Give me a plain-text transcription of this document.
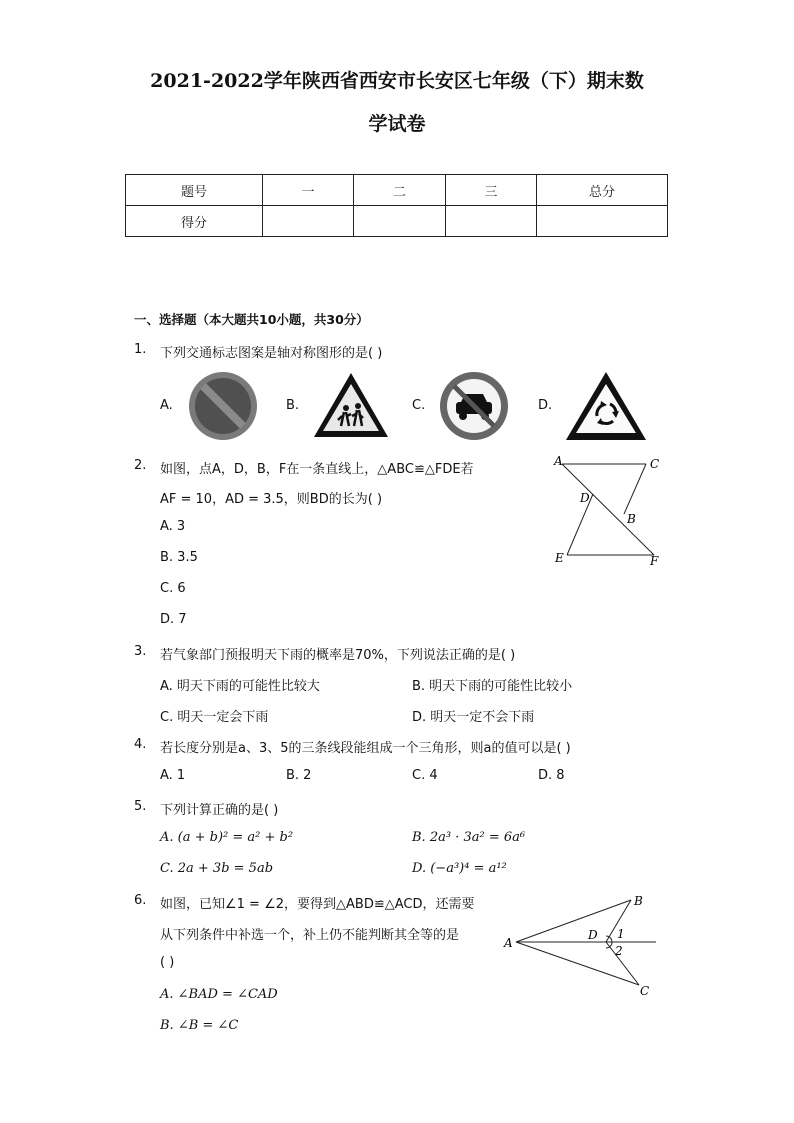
2021-2022学年陕西省西安市长安区七年级（下）期末数
学试卷
题号	一	二	三	总分
得分				
一、选择题（本大题共10小题，共30分）
1. 下列交通标志图案是轴对称图形的是( )
A.	B.	C.	D.
2. 如图，点A，D，B，F在一条直线上，△ABC≌△FDE若
AF = 10，AD = 3.5，则BD的长为( )
A. 3
B. 3.5
C. 6
D. 7
A	C
D
B
E	F
3. 若气象部门预报明天下雨的概率是70%，下列说法正确的是( )
A. 明天下雨的可能性比较大	B. 明天下雨的可能性比较小
C. 明天一定会下雨	D. 明天一定不会下雨
4. 若长度分别是a、3、5的三条线段能组成一个三角形，则a的值可以是( )
A. 1	B. 2	C. 4	D. 8
5. 下列计算正确的是( )
A. (a + b)² = a² + b²	B. 2a³ · 3a² = 6a⁶
C. 2a + 3b = 5ab	D. (−a³)⁴ = a¹²
6. 如图，已知∠1 = ∠2，要得到△ABD≌△ACD，还需要
从下列条件中补选一个，补上仍不能判断其全等的是
( )
A. ∠BAD = ∠CAD
B. ∠B = ∠C
A
B
D 1
2
C
